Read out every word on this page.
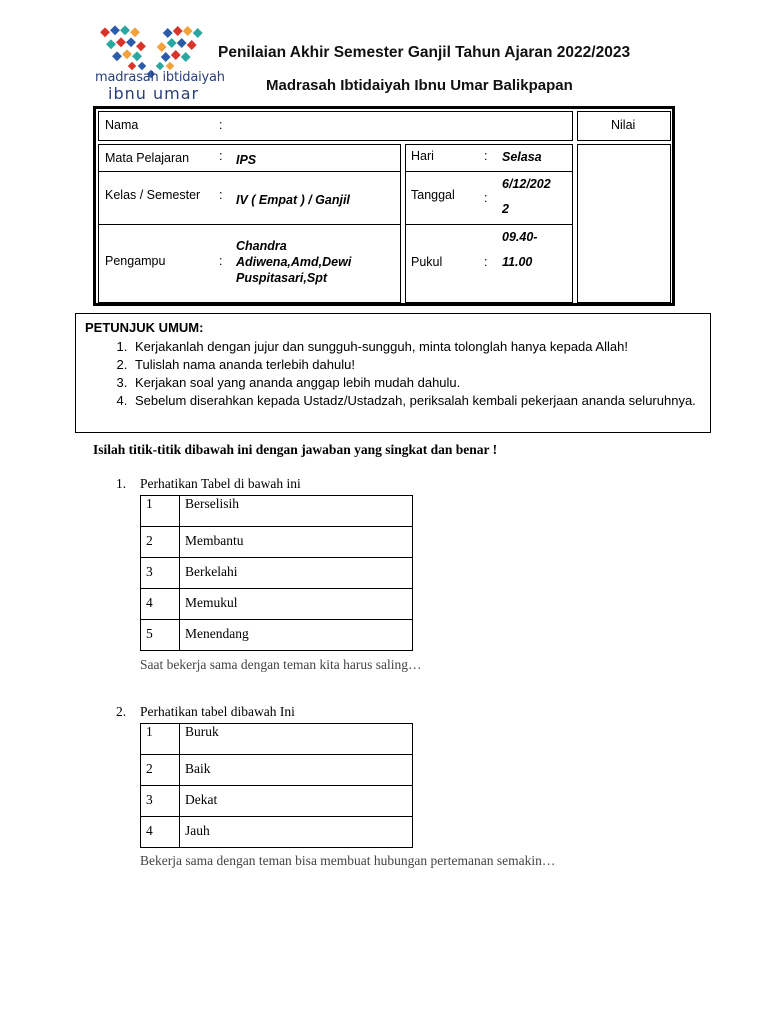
madrasah ibtidaiyah
ibnu umar
Penilaian Akhir Semester Ganjil Tahun Ajaran 2022/2023
Madrasah Ibtidaiyah Ibnu Umar Balikpapan
Nama	:	Nilai
Mata Pelajaran : IPS
Kelas / Semester : IV ( Empat ) / Ganjil
Pengampu	:
Chandra
Adiwena,Amd,Dewi
Puspitasari,Spt
Hari	: Selasa
Tanggal :
6/12/202
2
Pukul	:
09.40-
11.00
PETUNJUK UMUM:
1. Kerjakanlah dengan jujur dan sungguh-sungguh, minta tolonglah hanya kepada Allah!
2. Tulislah nama ananda terlebih dahulu!
3. Kerjakan soal yang ananda anggap lebih mudah dahulu.
4. Sebelum diserahkan kepada Ustadz/Ustadzah, periksalah kembali pekerjaan ananda seluruhnya.
Isilah titik-titik dibawah ini dengan jawaban yang singkat dan benar !
1. Perhatikan Tabel di bawah ini
1	Berselisih
2	Membantu
3	Berkelahi
4	Memukul
5	Menendang
Saat bekerja sama dengan teman kita harus saling…
2. Perhatikan tabel dibawah Ini
1	Buruk
2	Baik
3	Dekat
4	Jauh
Bekerja sama dengan teman bisa membuat hubungan pertemanan semakin…
